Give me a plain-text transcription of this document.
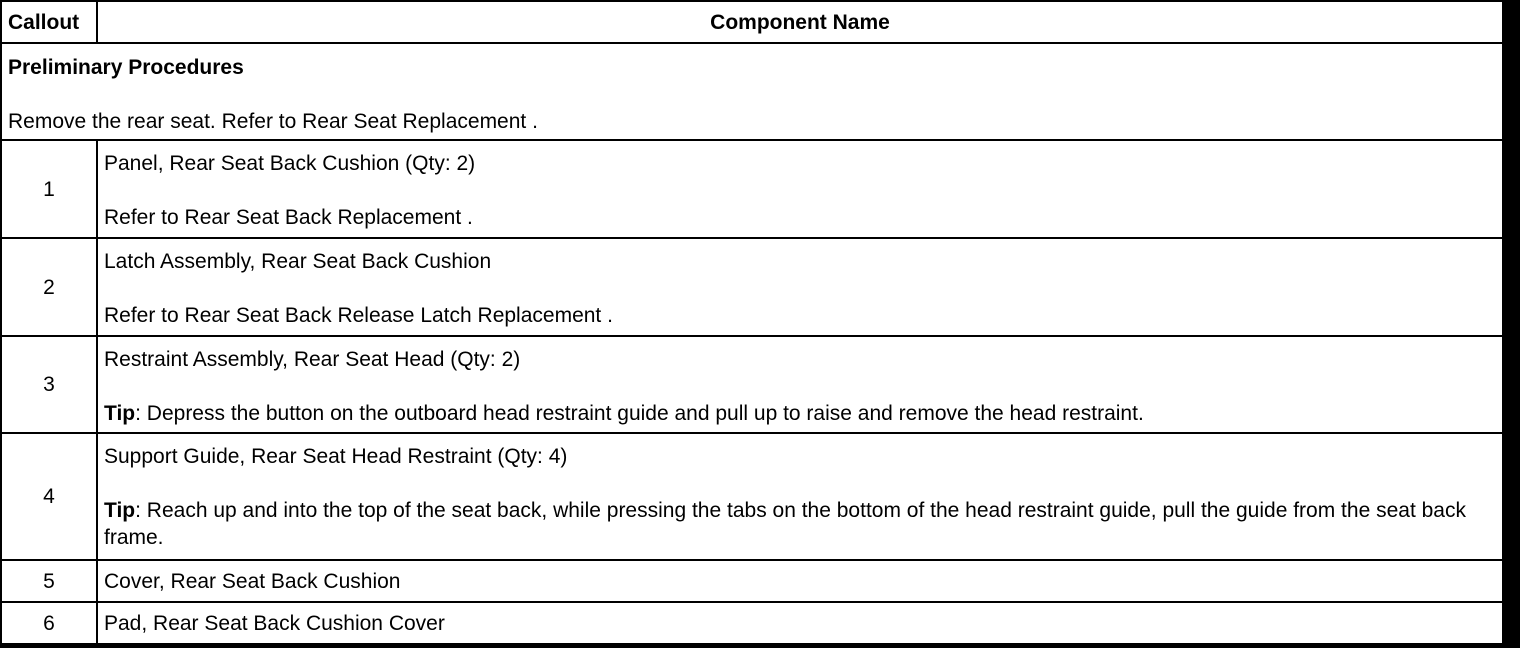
Callout	Component Name

Preliminary Procedures
Remove the rear seat. Refer to Rear Seat Replacement .	

1	Panel, Rear Seat Back Cushion (Qty: 2)
Refer to Rear Seat Back Replacement .

2	Latch Assembly, Rear Seat Back Cushion
Refer to Rear Seat Back Release Latch Replacement .

3	Restraint Assembly, Rear Seat Head (Qty: 2)
Tip: Depress the button on the outboard head restraint guide and pull up to raise and remove the head restraint.

4	Support Guide, Rear Seat Head Restraint (Qty: 4)
Tip: Reach up and into the top of the seat back, while pressing the tabs on the bottom of the head restraint guide, pull the guide from the seat back frame.

5	Cover, Rear Seat Back Cushion

6	Pad, Rear Seat Back Cushion Cover
